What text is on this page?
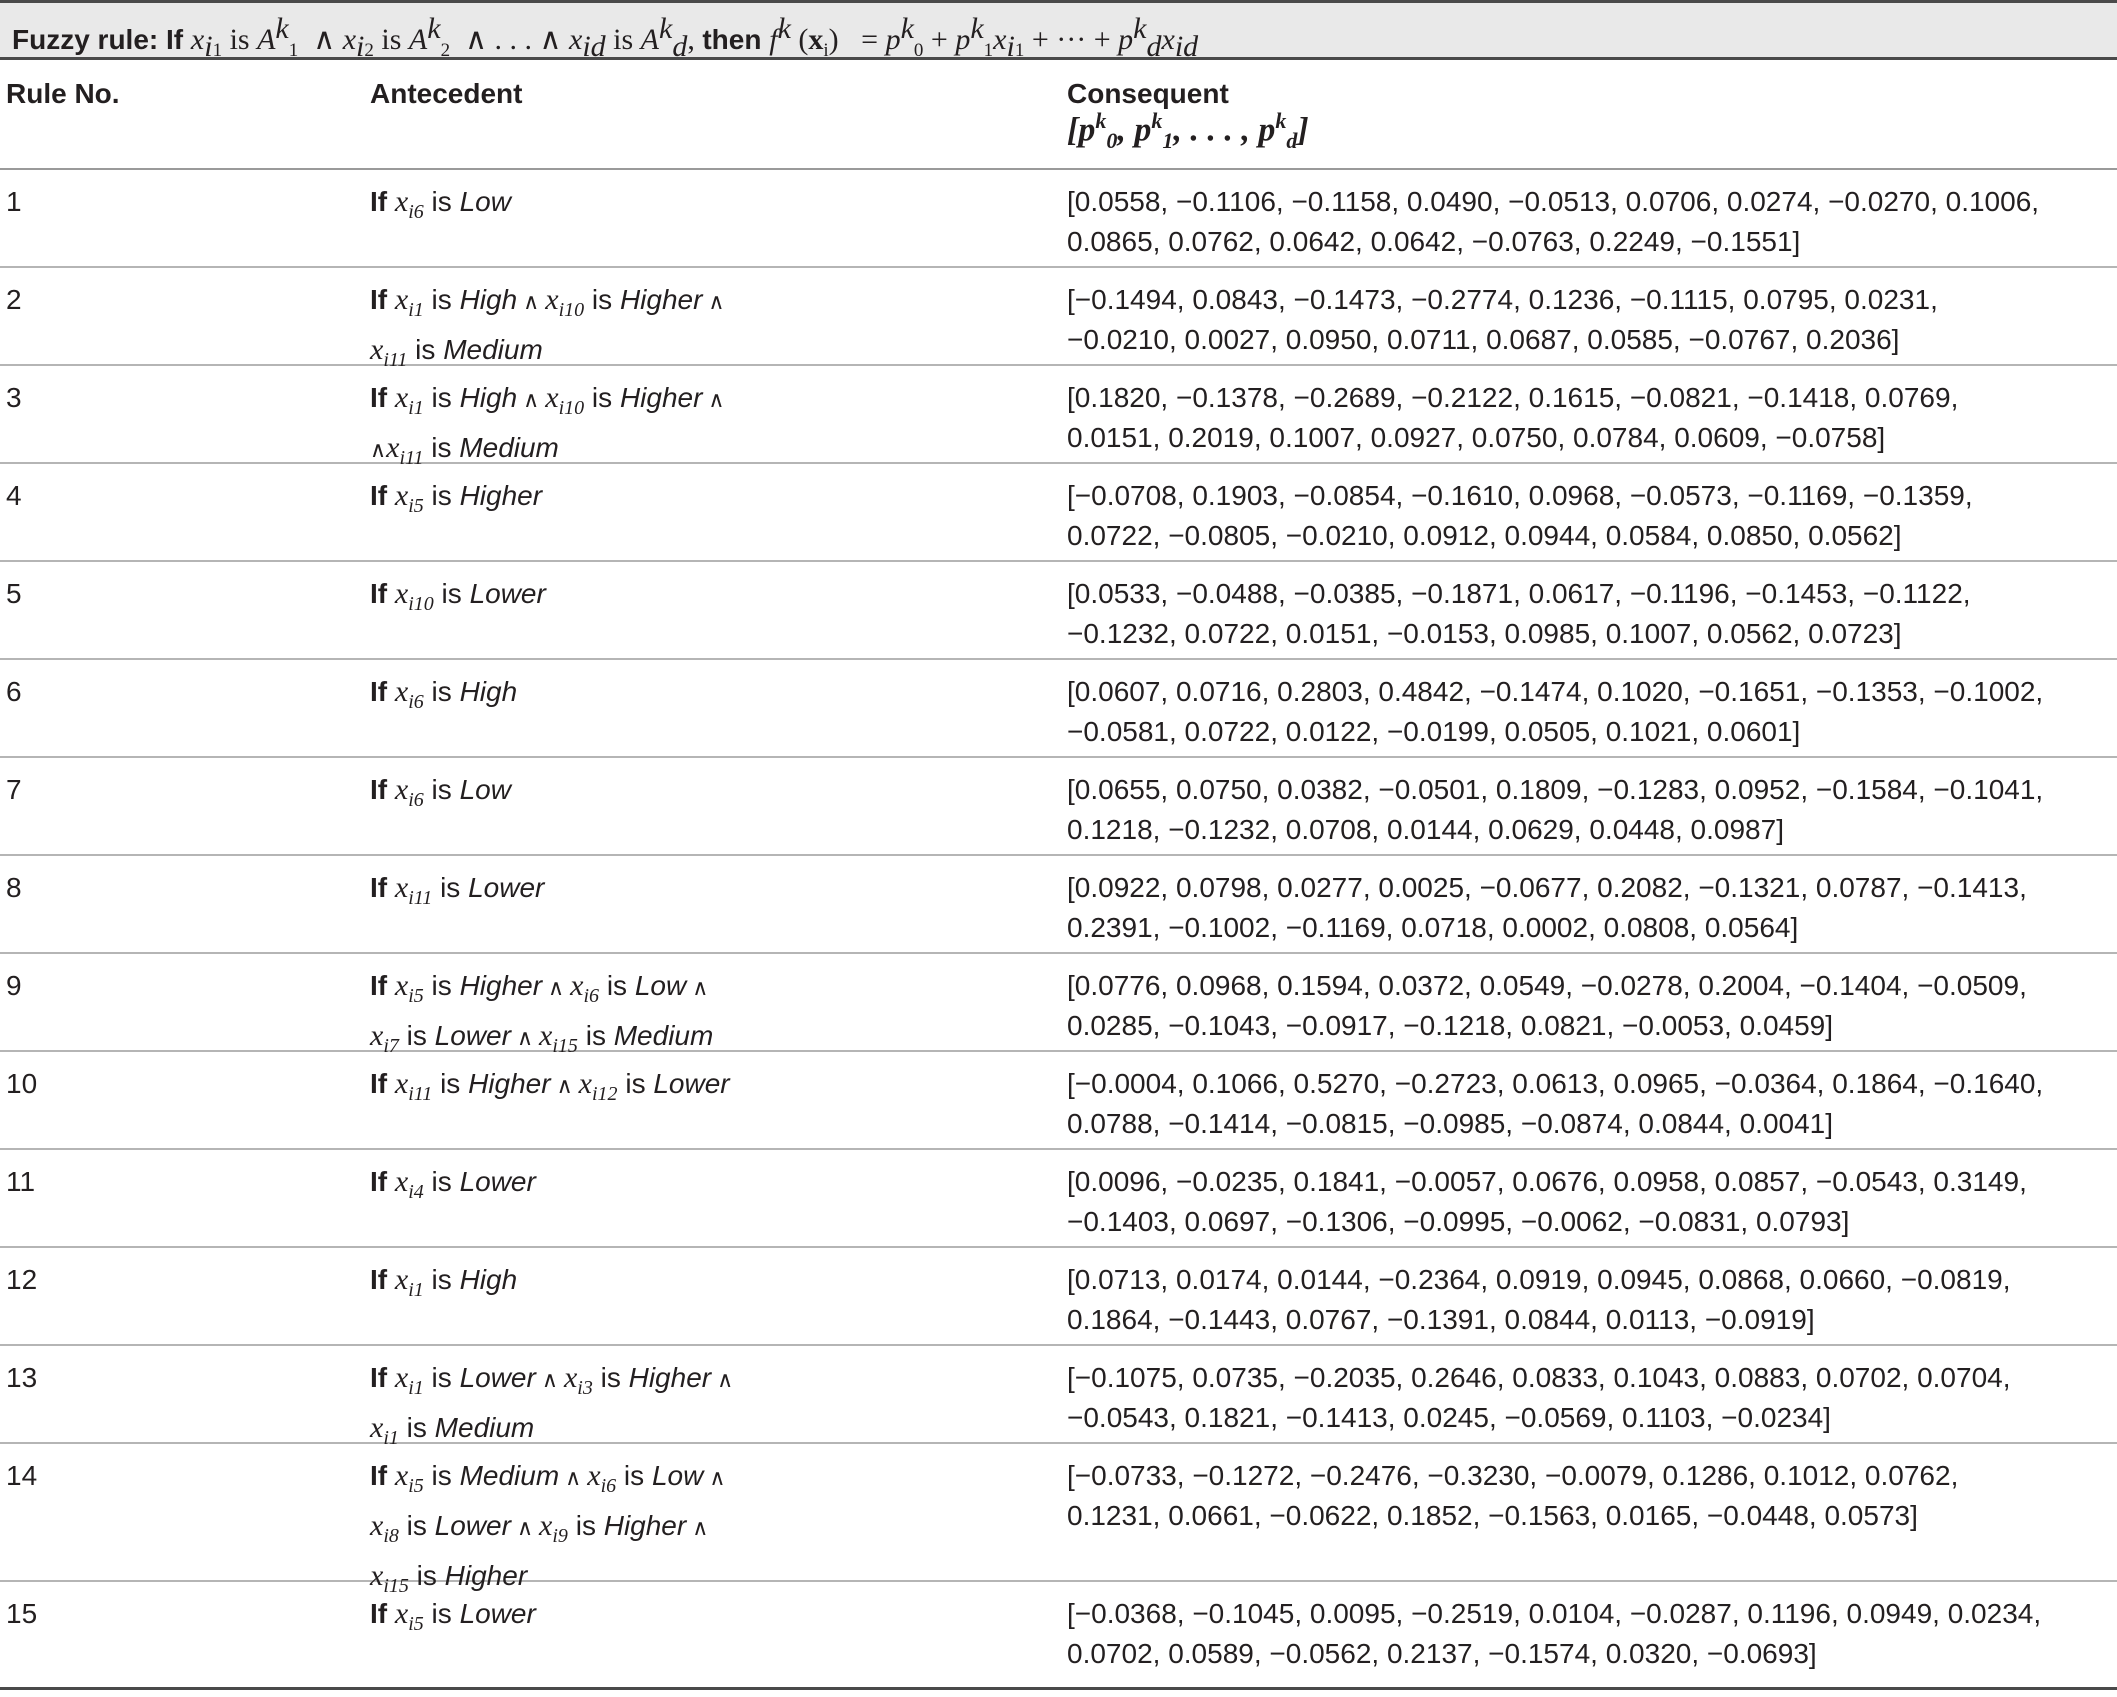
Fuzzy rule: If $x_{i1}$ is $A^k_1$  ∧ $x_{i2}$ is $A^k_2$  ∧ . . . ∧ $x_{id}$ is $A^k_d$, then $f^k$ $(x_i) = p^k_0 + p^k_1x_{i1}$ + ··· + $p^k_dx_{id}$
Rule No.	Antecedent	Consequent
[$p^k_0$, $p^k_1$, . . . , $p^k_d$]
1	If $x_{i6}$ is Low	[0.0558, −0.1106, −0.1158, 0.0490, −0.0513, 0.0706, 0.0274, −0.0270, 0.1006,
0.0865, 0.0762, 0.0642, 0.0642, −0.0763, 0.2249, −0.1551]
2	If $x_{i1}$ is High ∧ $x_{i10}$ is Higher ∧
$x_{i11}$ is Medium
[−0.1494, 0.0843, −0.1473, −0.2774, 0.1236, −0.1115, 0.0795, 0.0231,
−0.0210, 0.0027, 0.0950, 0.0711, 0.0687, 0.0585, −0.0767, 0.2036]
3	If $x_{i1}$ is High ∧ $x_{i10}$ is Higher ∧
$\wedge x_{i11}$ is Medium
[0.1820, −0.1378, −0.2689, −0.2122, 0.1615, −0.0821, −0.1418, 0.0769,
0.0151, 0.2019, 0.1007, 0.0927, 0.0750, 0.0784, 0.0609, −0.0758]
4	If $x_{i5}$ is Higher	[−0.0708, 0.1903, −0.0854, −0.1610, 0.0968, −0.0573, −0.1169, −0.1359,
0.0722, −0.0805, −0.0210, 0.0912, 0.0944, 0.0584, 0.0850, 0.0562]
5	If $x_{i10}$ is Lower	[0.0533, −0.0488, −0.0385, −0.1871, 0.0617, −0.1196, −0.1453, −0.1122,
−0.1232, 0.0722, 0.0151, −0.0153, 0.0985, 0.1007, 0.0562, 0.0723]
6	If $x_{i6}$ is High	[0.0607, 0.0716, 0.2803, 0.4842, −0.1474, 0.1020, −0.1651, −0.1353, −0.1002,
−0.0581, 0.0722, 0.0122, −0.0199, 0.0505, 0.1021, 0.0601]
7	If $x_{i6}$ is Low	[0.0655, 0.0750, 0.0382, −0.0501, 0.1809, −0.1283, 0.0952, −0.1584, −0.1041,
0.1218, −0.1232, 0.0708, 0.0144, 0.0629, 0.0448, 0.0987]
8	If $x_{i11}$ is Lower	[0.0922, 0.0798, 0.0277, 0.0025, −0.0677, 0.2082, −0.1321, 0.0787, −0.1413,
0.2391, −0.1002, −0.1169, 0.0718, 0.0002, 0.0808, 0.0564]
9	If $x_{i5}$ is Higher ∧ $x_{i6}$ is Low ∧
$x_{i7}$ is Lower ∧ $x_{i15}$ is Medium
[0.0776, 0.0968, 0.1594, 0.0372, 0.0549, −0.0278, 0.2004, −0.1404, −0.0509,
0.0285, −0.1043, −0.0917, −0.1218, 0.0821, −0.0053, 0.0459]
10	If $x_{i11}$ is Higher ∧ $x_{i12}$ is Lower	[−0.0004, 0.1066, 0.5270, −0.2723, 0.0613, 0.0965, −0.0364, 0.1864, −0.1640,
0.0788, −0.1414, −0.0815, −0.0985, −0.0874, 0.0844, 0.0041]
11	If $x_{i4}$ is Lower	[0.0096, −0.0235, 0.1841, −0.0057, 0.0676, 0.0958, 0.0857, −0.0543, 0.3149,
−0.1403, 0.0697, −0.1306, −0.0995, −0.0062, −0.0831, 0.0793]
12	If $x_{i1}$ is High	[0.0713, 0.0174, 0.0144, −0.2364, 0.0919, 0.0945, 0.0868, 0.0660, −0.0819,
0.1864, −0.1443, 0.0767, −0.1391, 0.0844, 0.0113, −0.0919]
13	If $x_{i1}$ is Lower ∧ $x_{i3}$ is Higher ∧
$x_{i1}$ is Medium
[−0.1075, 0.0735, −0.2035, 0.2646, 0.0833, 0.1043, 0.0883, 0.0702, 0.0704,
−0.0543, 0.1821, −0.1413, 0.0245, −0.0569, 0.1103, −0.0234]
14	If $x_{i5}$ is Medium ∧ $x_{i6}$ is Low ∧
$x_{i8}$ is Lower ∧ $x_{i9}$ is Higher ∧
$x_{i15}$ is Higher
[−0.0733, −0.1272, −0.2476, −0.3230, −0.0079, 0.1286, 0.1012, 0.0762,
0.1231, 0.0661, −0.0622, 0.1852, −0.1563, 0.0165, −0.0448, 0.0573]
15	If $x_{i5}$ is Lower	[−0.0368, −0.1045, 0.0095, −0.2519, 0.0104, −0.0287, 0.1196, 0.0949, 0.0234,
0.0702, 0.0589, −0.0562, 0.2137, −0.1574, 0.0320, −0.0693]
